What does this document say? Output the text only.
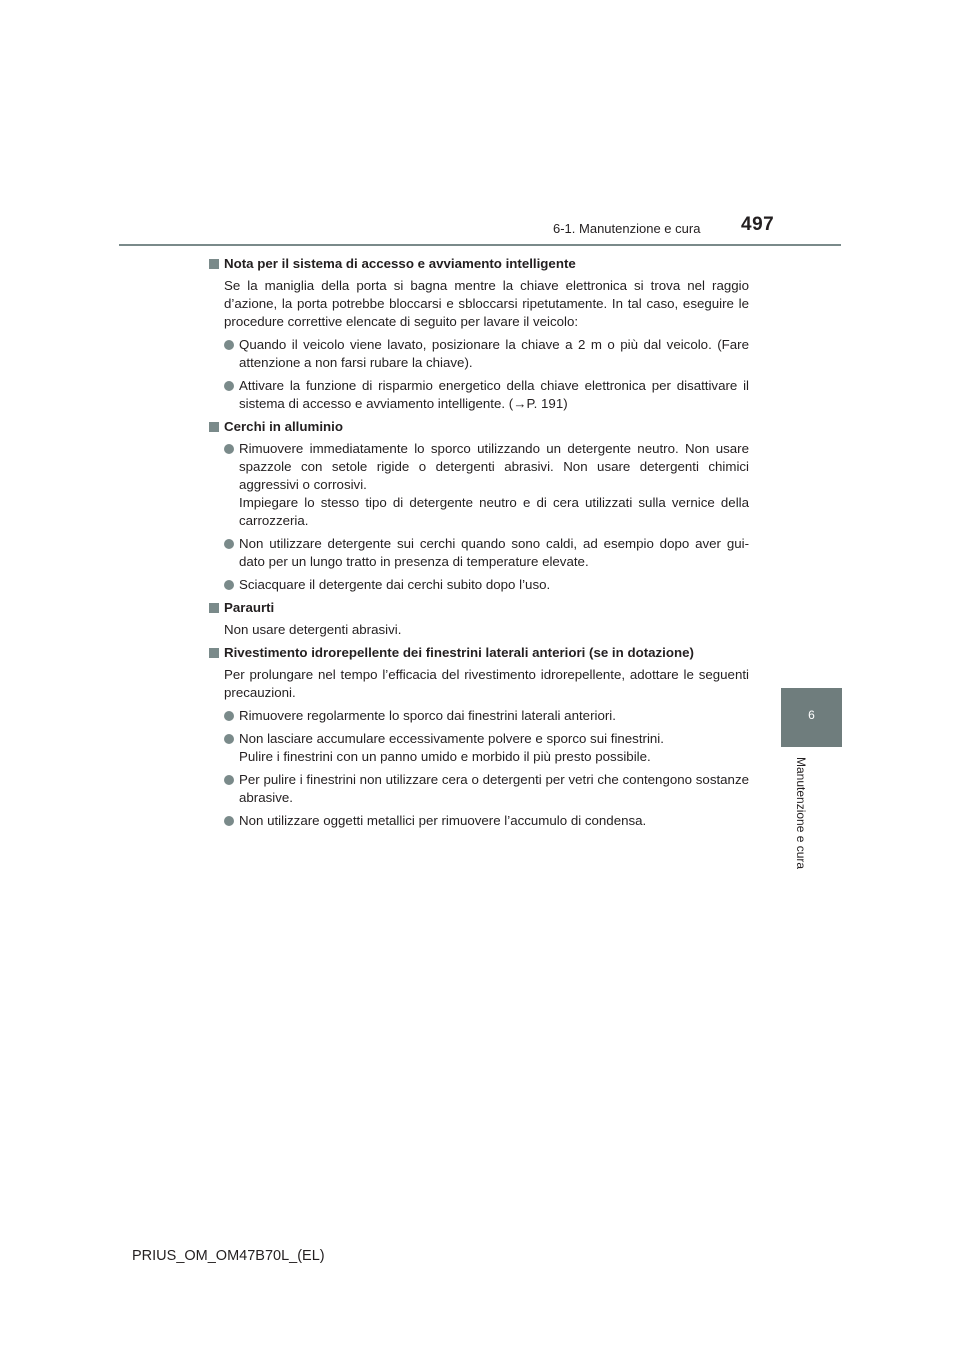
6-1. Manutenzione e cura 497
6
Manutenzione e cura
Nota per il sistema di accesso e avviamento intelligente
Se la maniglia della porta si bagna mentre la chiave elettronica si trova nel raggio d’azione, la porta potrebbe bloccarsi e sbloccarsi ripetutamente. In tal caso, eseguire le procedure correttive elencate di seguito per lavare il veicolo:
Quando il veicolo viene lavato, posizionare la chiave a 2 m o più dal veicolo. (Fare attenzione a non farsi rubare la chiave).
Attivare la funzione di risparmio energetico della chiave elettronica per disattivare il sistema di accesso e avviamento intelligente. (→P. 191)
Cerchi in alluminio
Rimuovere immediatamente lo sporco utilizzando un detergente neutro. Non usare spazzole con setole rigide o detergenti abrasivi. Non usare detergenti chimici aggressivi o corrosivi.
Impiegare lo stesso tipo di detergente neutro e di cera utilizzati sulla vernice della carrozzeria.
Non utilizzare detergente sui cerchi quando sono caldi, ad esempio dopo aver gui-dato per un lungo tratto in presenza di temperature elevate.
Sciacquare il detergente dai cerchi subito dopo l’uso.
Paraurti
Non usare detergenti abrasivi.
Rivestimento idrorepellente dei finestrini laterali anteriori (se in dotazione)
Per prolungare nel tempo l’efficacia del rivestimento idrorepellente, adottare le seguenti precauzioni.
Rimuovere regolarmente lo sporco dai finestrini laterali anteriori.
Non lasciare accumulare eccessivamente polvere e sporco sui finestrini.
Pulire i finestrini con un panno umido e morbido il più presto possibile.
Per pulire i finestrini non utilizzare cera o detergenti per vetri che contengono sostanze abrasive.
Non utilizzare oggetti metallici per rimuovere l’accumulo di condensa.
PRIUS_OM_OM47B70L_(EL)
